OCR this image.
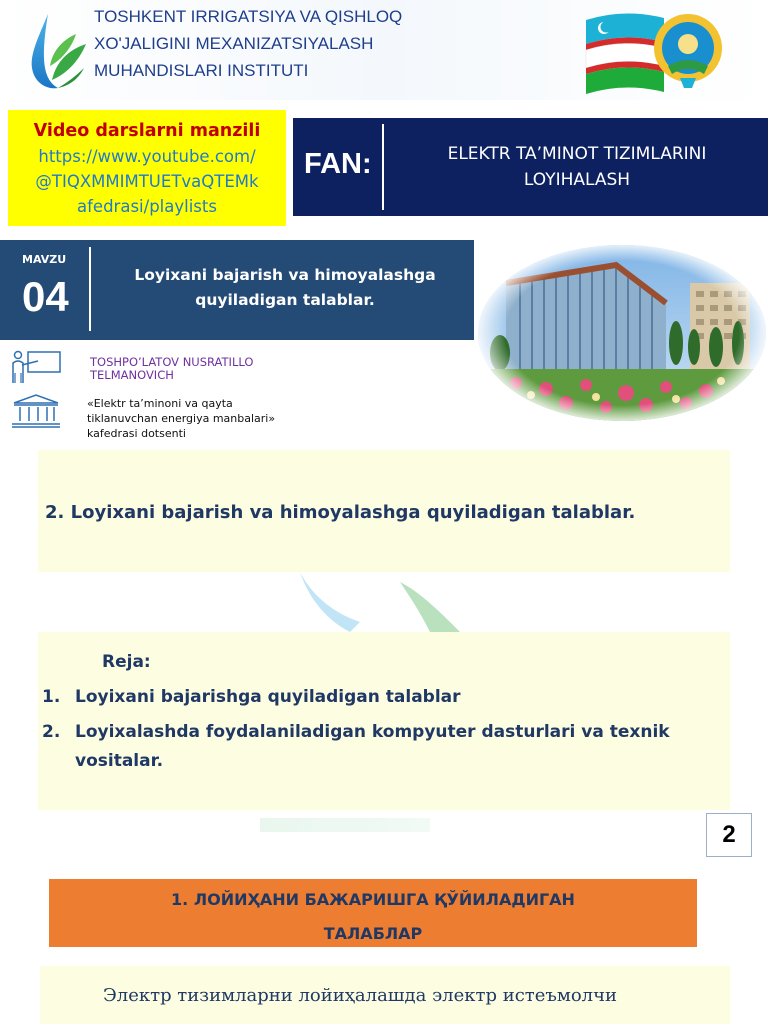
TOSHKENT IRRIGATSIYA VA QISHLOQ
XO'JALIGINI MEXANIZATSIYALASH
MUHANDISLARI INSTITUTI
Video darslarni manzili
https://www.youtube.com/
@TIQXMMIMTUETvaQTEMk
afedrasi/playlists
FAN:	ELEKTR TA’MINOT TIZIMLARINI
LOYIHALASH
MAVZU
04	Loyixani bajarish va himoyalashga
quyiladigan talablar.
TOSHPO’LATOV NUSRATILLO
TELMANOVICH
«Elektr ta’minoni va qayta
tiklanuvchan energiya manbalari»
kafedrasi dotsenti
2. Loyixani bajarish va himoyalashga quyiladigan talablar.
Reja:
1. Loyixani bajarishga quyiladigan talablar
2. Loyixalashda foydalaniladigan kompyuter dasturlari va texnik
vositalar.
2
1. ЛОЙИҲАНИ БАЖАРИШГА ҚЎЙИЛАДИГАН
ТАЛАБЛАР
Электр тизимларни лойиҳалашда электр истеъмолчи
